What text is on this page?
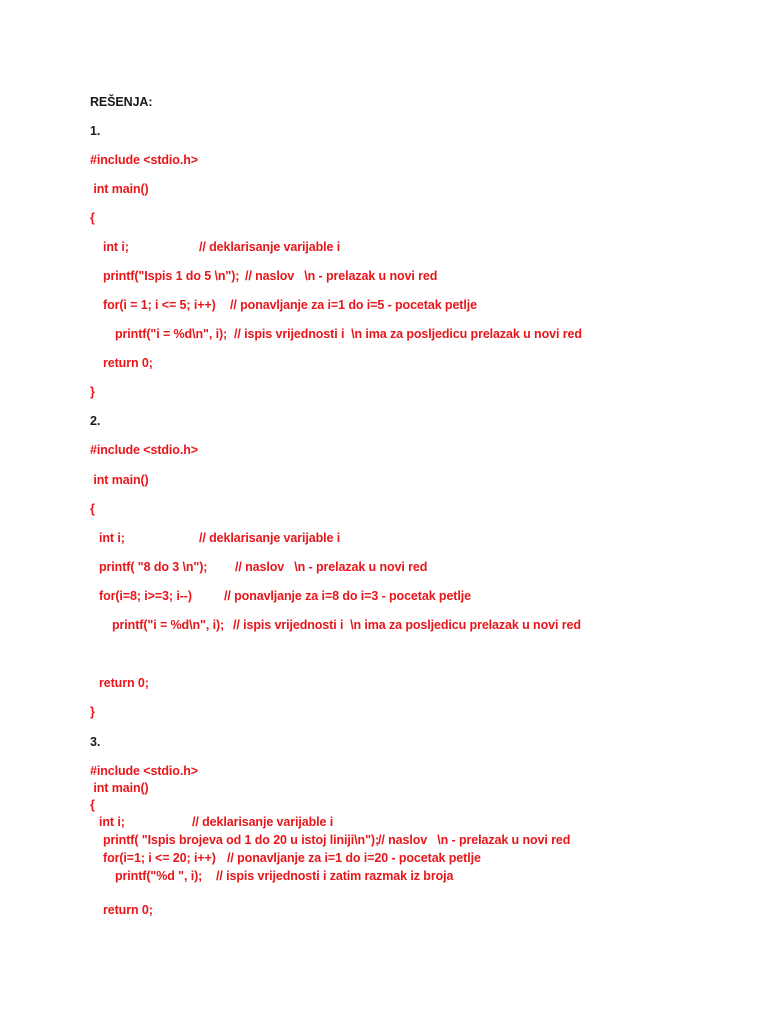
REŠENJA:
1.
#include <stdio.h>
int main()
{
int i;	// deklarisanje varijable i
printf("Ispis 1 do 5 \n"); // naslov   \n - prelazak u novi red
for(i = 1; i <= 5; i++) // ponavljanje za i=1 do i=5 - pocetak petlje
printf("i = %d\n", i); // ispis vrijednosti i  \n ima za posljedicu prelazak u novi red
return 0;
}
2.
#include <stdio.h>
int main()
{
int i;	// deklarisanje varijable i
printf( "8 do 3 \n"); // naslov   \n - prelazak u novi red
for(i=8; i>=3; i--)	// ponavljanje za i=8 do i=3 - pocetak petlje
printf("i = %d\n", i); // ispis vrijednosti i  \n ima za posljedicu prelazak u novi red
return 0;
}
3.
#include <stdio.h>
int main()
{
int i;	// deklarisanje varijable i
printf( "Ispis brojeva od 1 do 20 u istoj liniji\n");
// naslov   \n - prelazak u novi red
for(i=1; i <= 20; i++) // ponavljanje za i=1 do i=20 - pocetak petlje
printf("%d ", i); // ispis vrijednosti i zatim razmak iz broja
return 0;
